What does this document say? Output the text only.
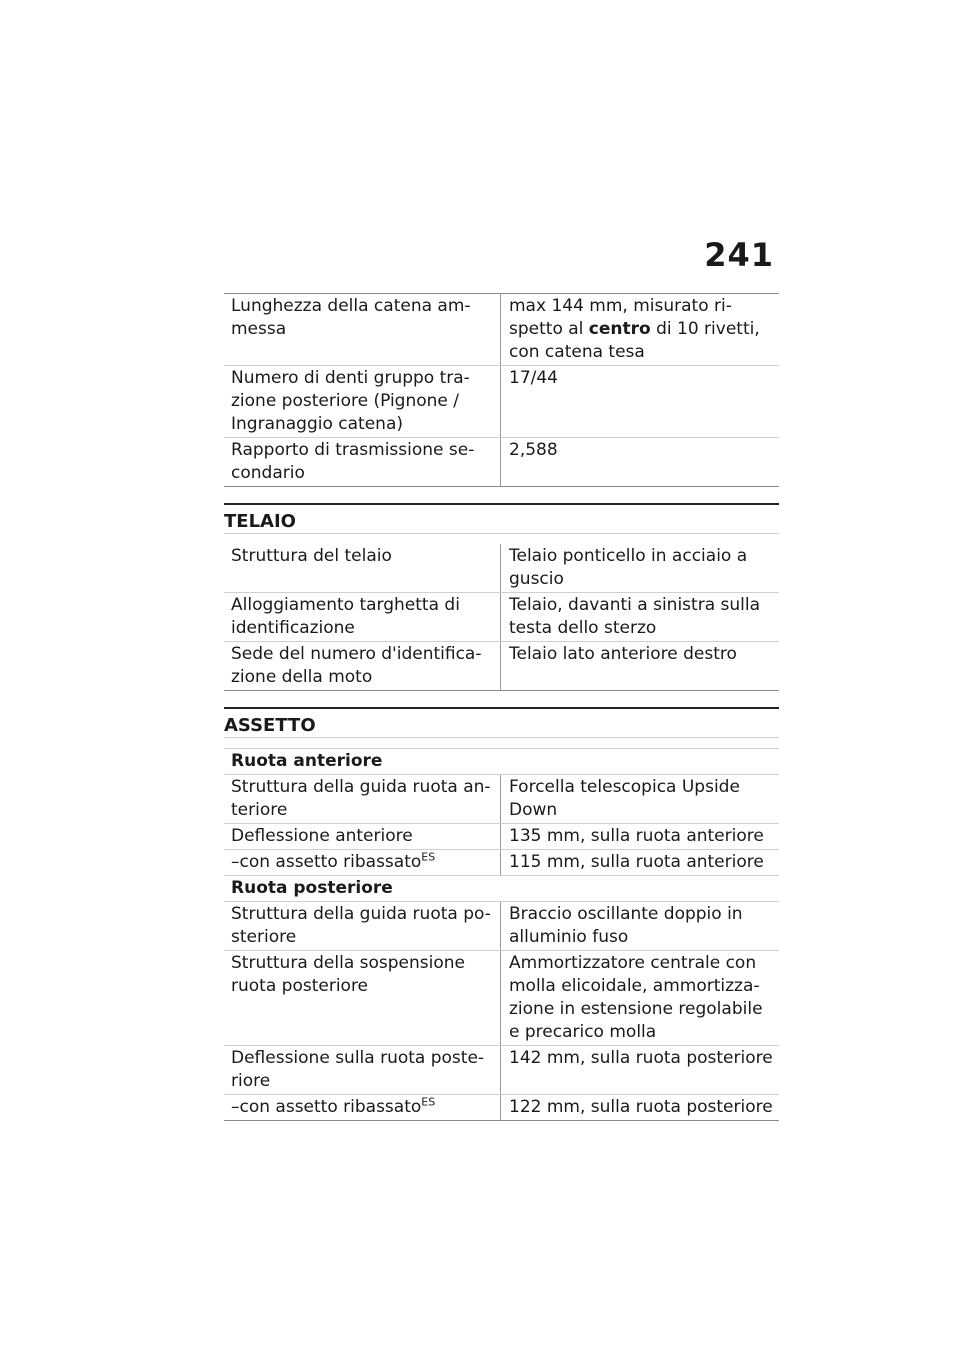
241
Lunghezza della catena am-messa	max 144 mm, misurato ri-spetto al centro di 10 rivetti, con catena tesa
Numero di denti gruppo tra-zione posteriore (Pignone / Ingranaggio catena)	17/44
Rapporto di trasmissione se-condario	2,588
TELAIO
Struttura del telaio	Telaio ponticello in acciaio a guscio
Alloggiamento targhetta di identificazione	Telaio, davanti a sinistra sulla testa dello sterzo
Sede del numero d'identifica-zione della moto	Telaio lato anteriore destro
ASSETTO
Ruota anteriore	
Struttura della guida ruota an-teriore	Forcella telescopica Upside Down
Deflessione anteriore	135 mm, sulla ruota anteriore
–con assetto ribassato$^{ES}$	115 mm, sulla ruota anteriore
Ruota posteriore	
Struttura della guida ruota po-steriore	Braccio oscillante doppio in alluminio fuso
Struttura della sospensione ruota posteriore	Ammortizzatore centrale con molla elicoidale, ammortizza-zione in estensione regolabile e precarico molla
Deflessione sulla ruota poste-riore	142 mm, sulla ruota posteriore
–con assetto ribassato$^{ES}$	122 mm, sulla ruota posteriore
